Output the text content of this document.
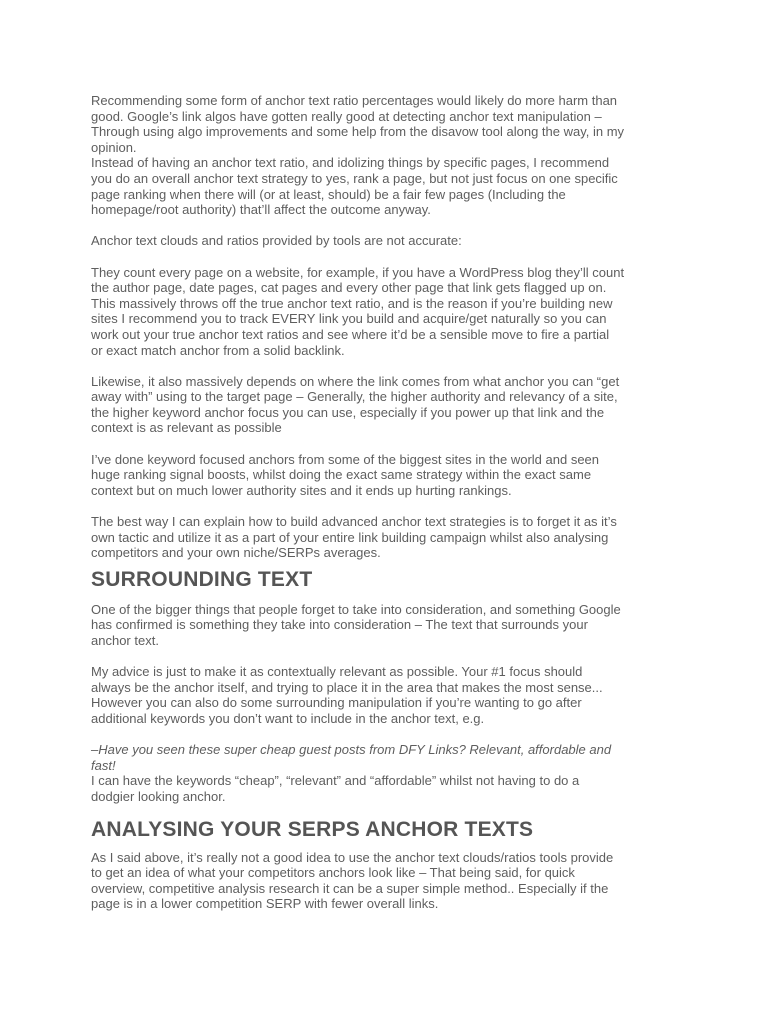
Recommending some form of anchor text ratio percentages would likely do more harm than
good. Google’s link algos have gotten really good at detecting anchor text manipulation –
Through using algo improvements and some help from the disavow tool along the way, in my
opinion.

Instead of having an anchor text ratio, and idolizing things by specific pages, I recommend
you do an overall anchor text strategy to yes, rank a page, but not just focus on one specific
page ranking when there will (or at least, should) be a fair few pages (Including the
homepage/root authority) that’ll affect the outcome anyway.

Anchor text clouds and ratios provided by tools are not accurate:

They count every page on a website, for example, if you have a WordPress blog they’ll count
the author page, date pages, cat pages and every other page that link gets flagged up on.
This massively throws off the true anchor text ratio, and is the reason if you’re building new
sites I recommend you to track EVERY link you build and acquire/get naturally so you can
work out your true anchor text ratios and see where it’d be a sensible move to fire a partial
or exact match anchor from a solid backlink.

Likewise, it also massively depends on where the link comes from what anchor you can “get
away with” using to the target page – Generally, the higher authority and relevancy of a site,
the higher keyword anchor focus you can use, especially if you power up that link and the
context is as relevant as possible

I’ve done keyword focused anchors from some of the biggest sites in the world and seen
huge ranking signal boosts, whilst doing the exact same strategy within the exact same
context but on much lower authority sites and it ends up hurting rankings.

The best way I can explain how to build advanced anchor text strategies is to forget it as it’s
own tactic and utilize it as a part of your entire link building campaign whilst also analysing
competitors and your own niche/SERPs averages.

SURROUNDING TEXT

One of the bigger things that people forget to take into consideration, and something Google
has confirmed is something they take into consideration – The text that surrounds your
anchor text.

My advice is just to make it as contextually relevant as possible. Your #1 focus should
always be the anchor itself, and trying to place it in the area that makes the most sense...
However you can also do some surrounding manipulation if you’re wanting to go after
additional keywords you don’t want to include in the anchor text, e.g.

–Have you seen these super cheap guest posts from DFY Links? Relevant, affordable and
fast!

I can have the keywords “cheap”, “relevant” and “affordable” whilst not having to do a
dodgier looking anchor.

ANALYSING YOUR SERPS ANCHOR TEXTS

As I said above, it’s really not a good idea to use the anchor text clouds/ratios tools provide
to get an idea of what your competitors anchors look like – That being said, for quick
overview, competitive analysis research it can be a super simple method.. Especially if the
page is in a lower competition SERP with fewer overall links.
